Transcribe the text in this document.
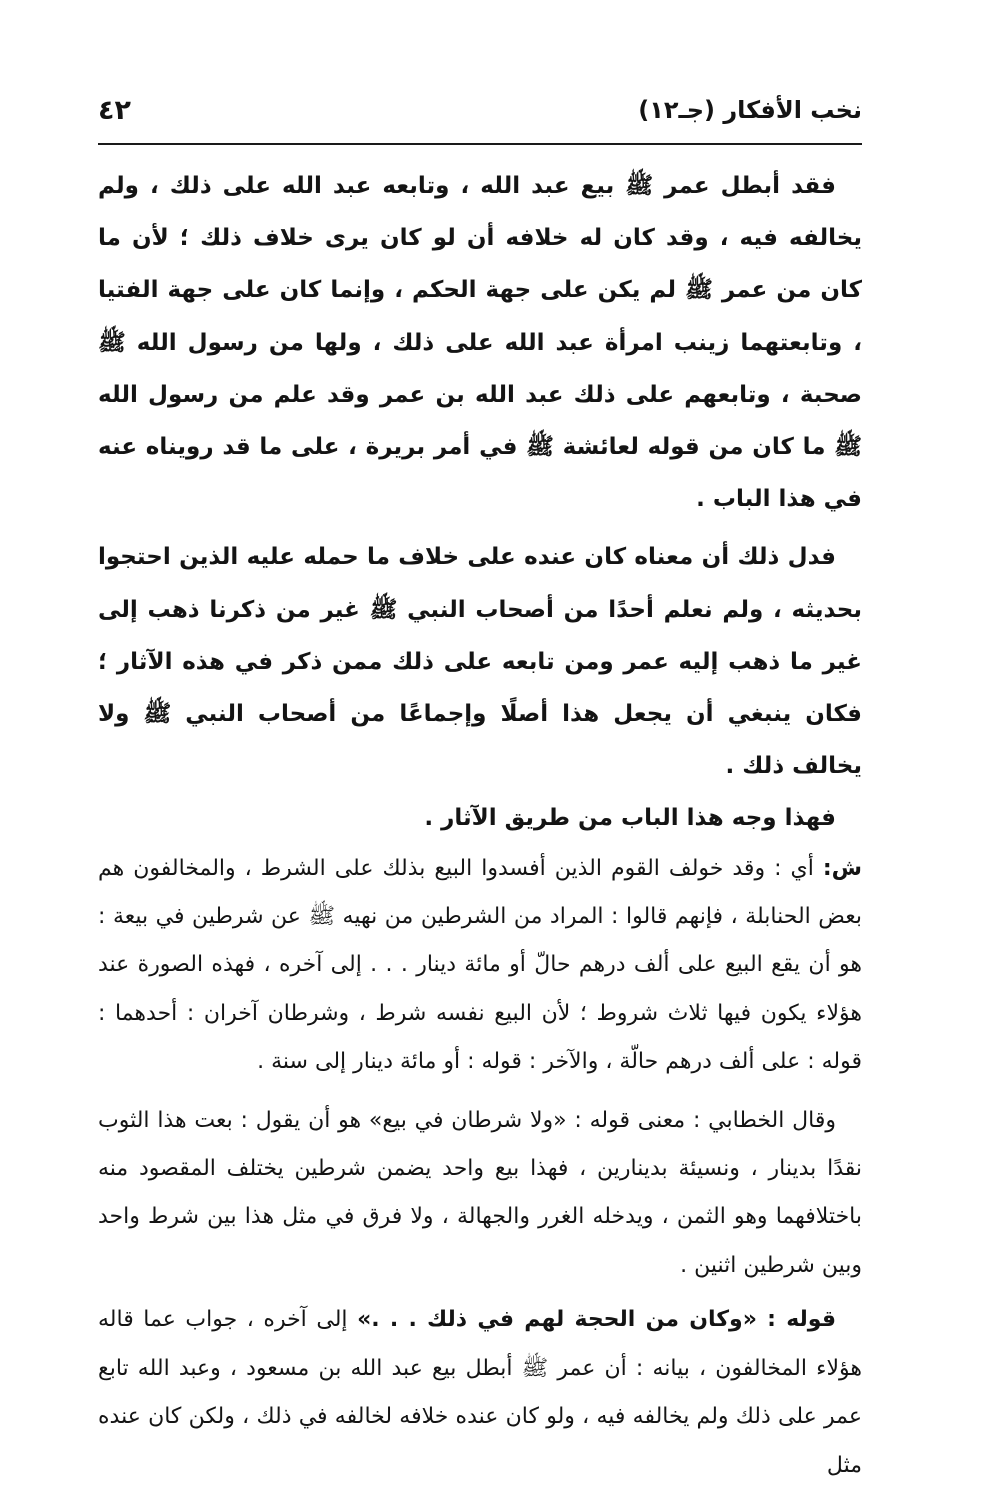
نخب الأفكار (جـ١٢)
٤٢

فقد أبطل عمر ﷺ بيع عبد الله ، وتابعه عبد الله على ذلك ، ولم يخالفه فيه ، وقد كان له خلافه أن لو كان يرى خلاف ذلك ؛ لأن ما كان من عمر ﷺ لم يكن على جهة الحكم ، وإنما كان على جهة الفتيا ، وتابعتهما زينب امرأة عبد الله على ذلك ، ولها من رسول الله ﷺ صحبة ، وتابعهم على ذلك عبد الله بن عمر وقد علم من رسول الله ﷺ ما كان من قوله لعائشة ﷺ في أمر بريرة ، على ما قد رويناه عنه في هذا الباب .

فدل ذلك أن معناه كان عنده على خلاف ما حمله عليه الذين احتجوا بحديثه ، ولم نعلم أحدًا من أصحاب النبي ﷺ غير من ذكرنا ذهب إلى غير ما ذهب إليه عمر ومن تابعه على ذلك ممن ذكر في هذه الآثار ؛ فكان ينبغي أن يجعل هذا أصلًا وإجماعًا من أصحاب النبي ﷺ ولا يخالف ذلك .

فهذا وجه هذا الباب من طريق الآثار .

ش: أي : وقد خولف القوم الذين أفسدوا البيع بذلك على الشرط ، والمخالفون هم بعض الحنابلة ، فإنهم قالوا : المراد من الشرطين من نهيه ﷺ عن شرطين في بيعة : هو أن يقع البيع على ألف درهم حالّ أو مائة دينار . . . إلى آخره ، فهذه الصورة عند هؤلاء يكون فيها ثلاث شروط ؛ لأن البيع نفسه شرط ، وشرطان آخران : أحدهما : قوله : على ألف درهم حالّة ، والآخر : قوله : أو مائة دينار إلى سنة .

وقال الخطابي : معنى قوله : «ولا شرطان في بيع» هو أن يقول : بعت هذا الثوب نقدًا بدينار ، ونسيئة بدينارين ، فهذا بيع واحد يضمن شرطين يختلف المقصود منه باختلافهما وهو الثمن ، ويدخله الغرر والجهالة ، ولا فرق في مثل هذا بين شرط واحد وبين شرطين اثنين .

قوله : «وكان من الحجة لهم في ذلك . . .» إلى آخره ، جواب عما قاله هؤلاء المخالفون ، بيانه : أن عمر ﷺ أبطل بيع عبد الله بن مسعود ، وعبد الله تابع عمر على ذلك ولم يخالفه فيه ، ولو كان عنده خلافه لخالفه في ذلك ، ولكن كان عنده مثل
